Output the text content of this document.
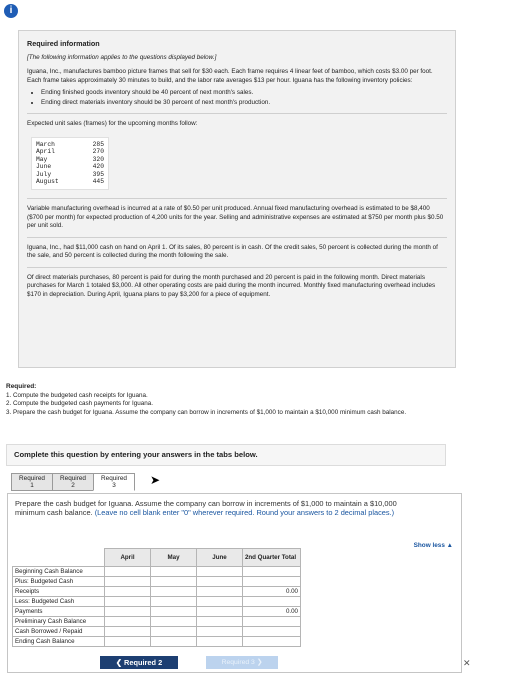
i
Required information

[The following information applies to the questions displayed below.]

Iguana, Inc., manufactures bamboo picture frames that sell for $30 each. Each frame requires 4 linear feet of bamboo, which costs $3.00 per foot. Each frame takes approximately 30 minutes to build, and the labor rate averages $13 per hour. Iguana has the following inventory policies:

• Ending finished goods inventory should be 40 percent of next month's sales.
• Ending direct materials inventory should be 30 percent of next month's production.

Expected unit sales (frames) for the upcoming months follow:

March	285
April	270
May	320
June	420
July	395
August	445

Variable manufacturing overhead is incurred at a rate of $0.50 per unit produced. Annual fixed manufacturing overhead is estimated to be $8,400 ($700 per month) for expected production of 4,200 units for the year. Selling and administrative expenses are estimated at $750 per month plus $0.50 per unit sold.

Iguana, Inc., had $11,000 cash on hand on April 1. Of its sales, 80 percent is in cash. Of the credit sales, 50 percent is collected during the month of the sale, and 50 percent is collected during the month following the sale.

Of direct materials purchases, 80 percent is paid for during the month purchased and 20 percent is paid in the following month. Direct materials purchases for March 1 totaled $3,000. All other operating costs are paid during the month incurred. Monthly fixed manufacturing overhead includes $170 in depreciation. During April, Iguana plans to pay $3,200 for a piece of equipment.

Required:
1. Compute the budgeted cash receipts for Iguana.
2. Compute the budgeted cash payments for Iguana.
3. Prepare the cash budget for Iguana. Assume the company can borrow in increments of $1,000 to maintain a $10,000 minimum cash balance.
Complete this question by entering your answers in the tabs below.
Required
1
Required
2
Required
3	➤
Prepare the cash budget for Iguana. Assume the company can borrow in increments of $1,000 to maintain a $10,000 minimum cash balance. (Leave no cell blank enter "0" wherever required. Round your answers to 2 decimal places.)
Show less ▲
	April	May	June	2nd Quarter Total
Beginning Cash Balance				
Plus: Budgeted Cash				
Receipts				0.00
Less: Budgeted Cash				
Payments				0.00
Preliminary Cash Balance				
Cash Borrowed / Repaid				
Ending Cash Balance				
❮ Required 2	Required 3 ❯	✕
